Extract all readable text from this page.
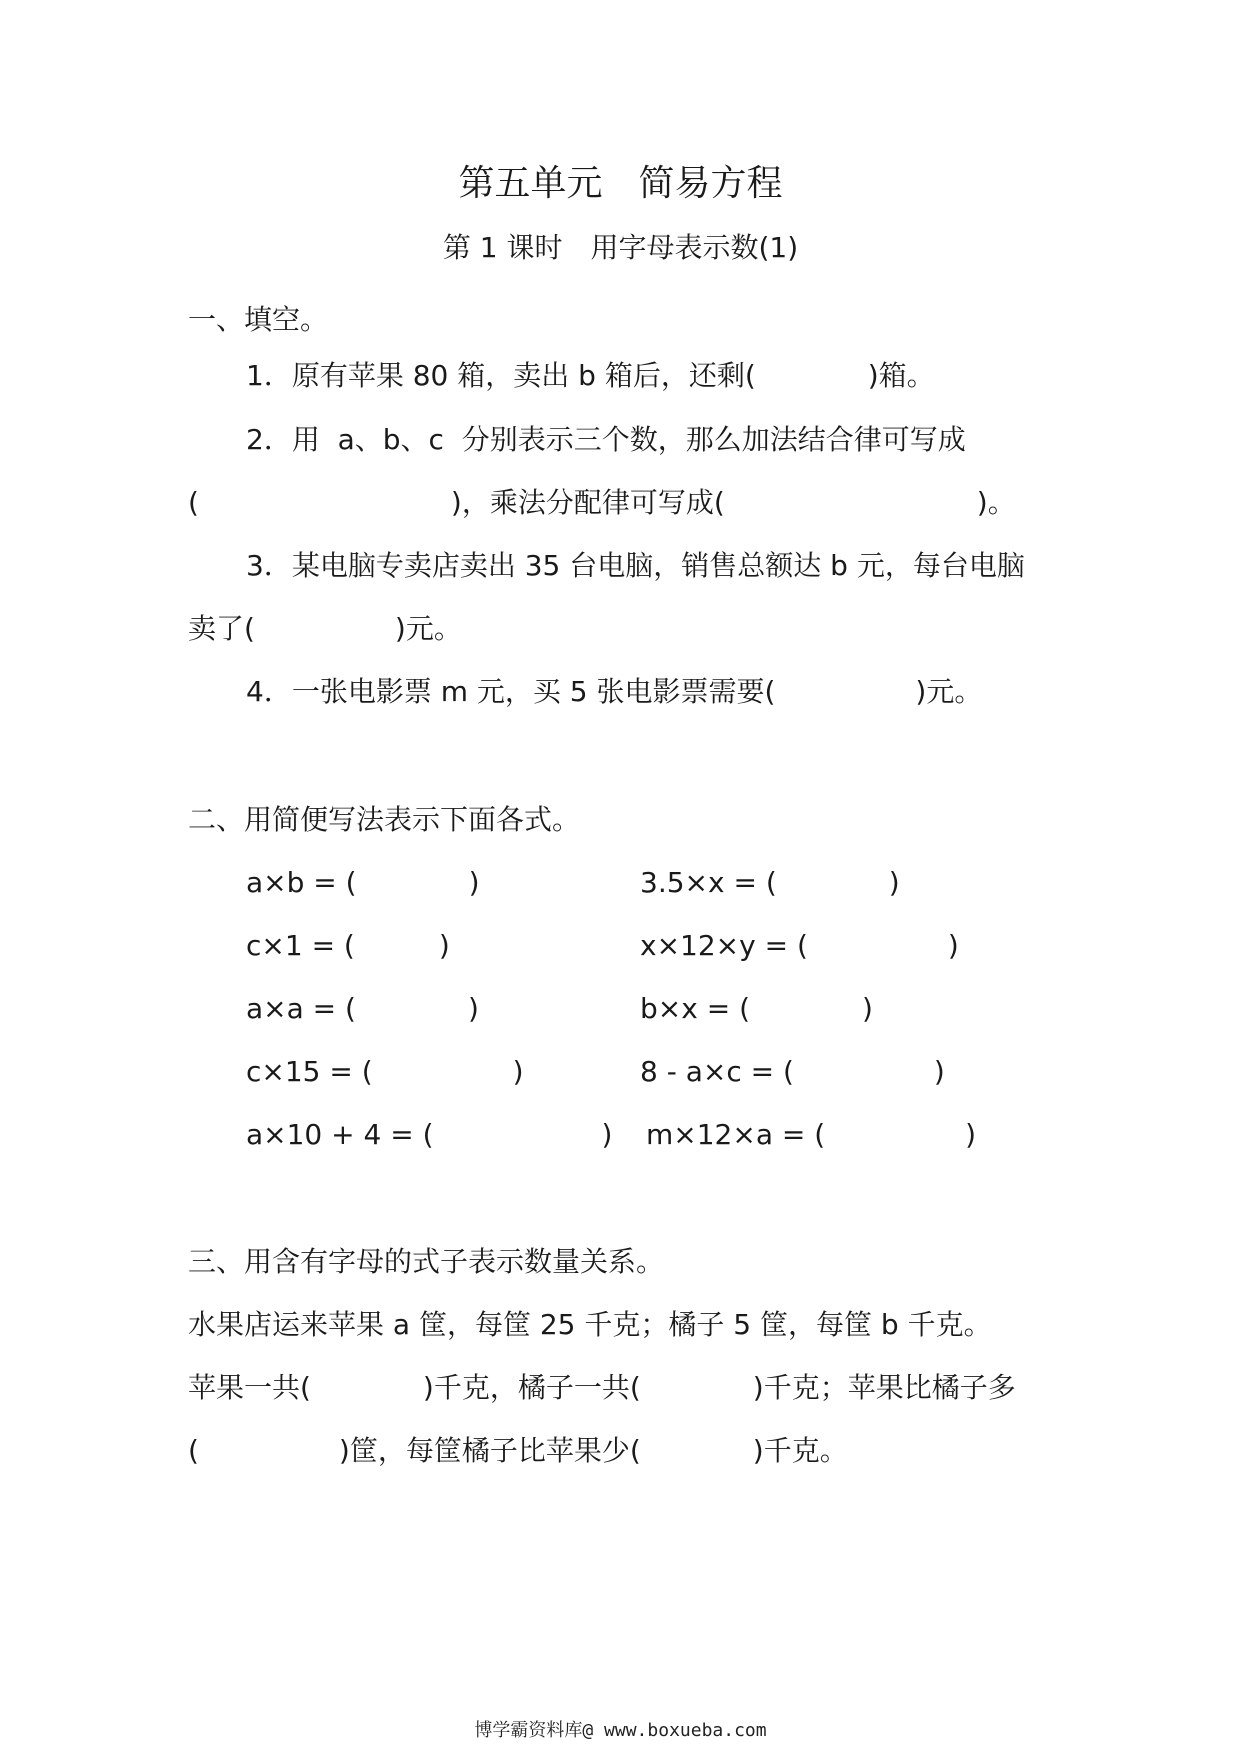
第五单元　简易方程
第 1 课时　用字母表示数(1)
一、填空。
1．原有苹果 80 箱，卖出 b 箱后，还剩(　　　　)箱。
2．用  a、b、c  分别表示三个数，那么加法结合律可写成
(　　　　　　　　　)，乘法分配律可写成(　　　　　　　　　)。
3．某电脑专卖店卖出 35 台电脑，销售总额达 b 元，每台电脑
卖了(　　　　　)元。
4．一张电影票 m 元，买 5 张电影票需要(　　　　　)元。
二、用简便写法表示下面各式。
a×b = (　　　　)
c×1 = (　　　)
a×a = (　　　　)
c×15 = (　　　　　)
a×10 + 4 = (　　　　　　)
3.5×x = (　　　　)
x×12×y = (　　　　　)
b×x = (　　　　)
8 - a×c = (　　　　　)
m×12×a = (　　　　　)
三、用含有字母的式子表示数量关系。
水果店运来苹果 a 筐，每筐 25 千克；橘子 5 筐，每筐 b 千克。
苹果一共(　　　　)千克，橘子一共(　　　　)千克；苹果比橘子多
(　　　　　)筐，每筐橘子比苹果少(　　　　)千克。
博学霸资料库@ www.boxueba.com
